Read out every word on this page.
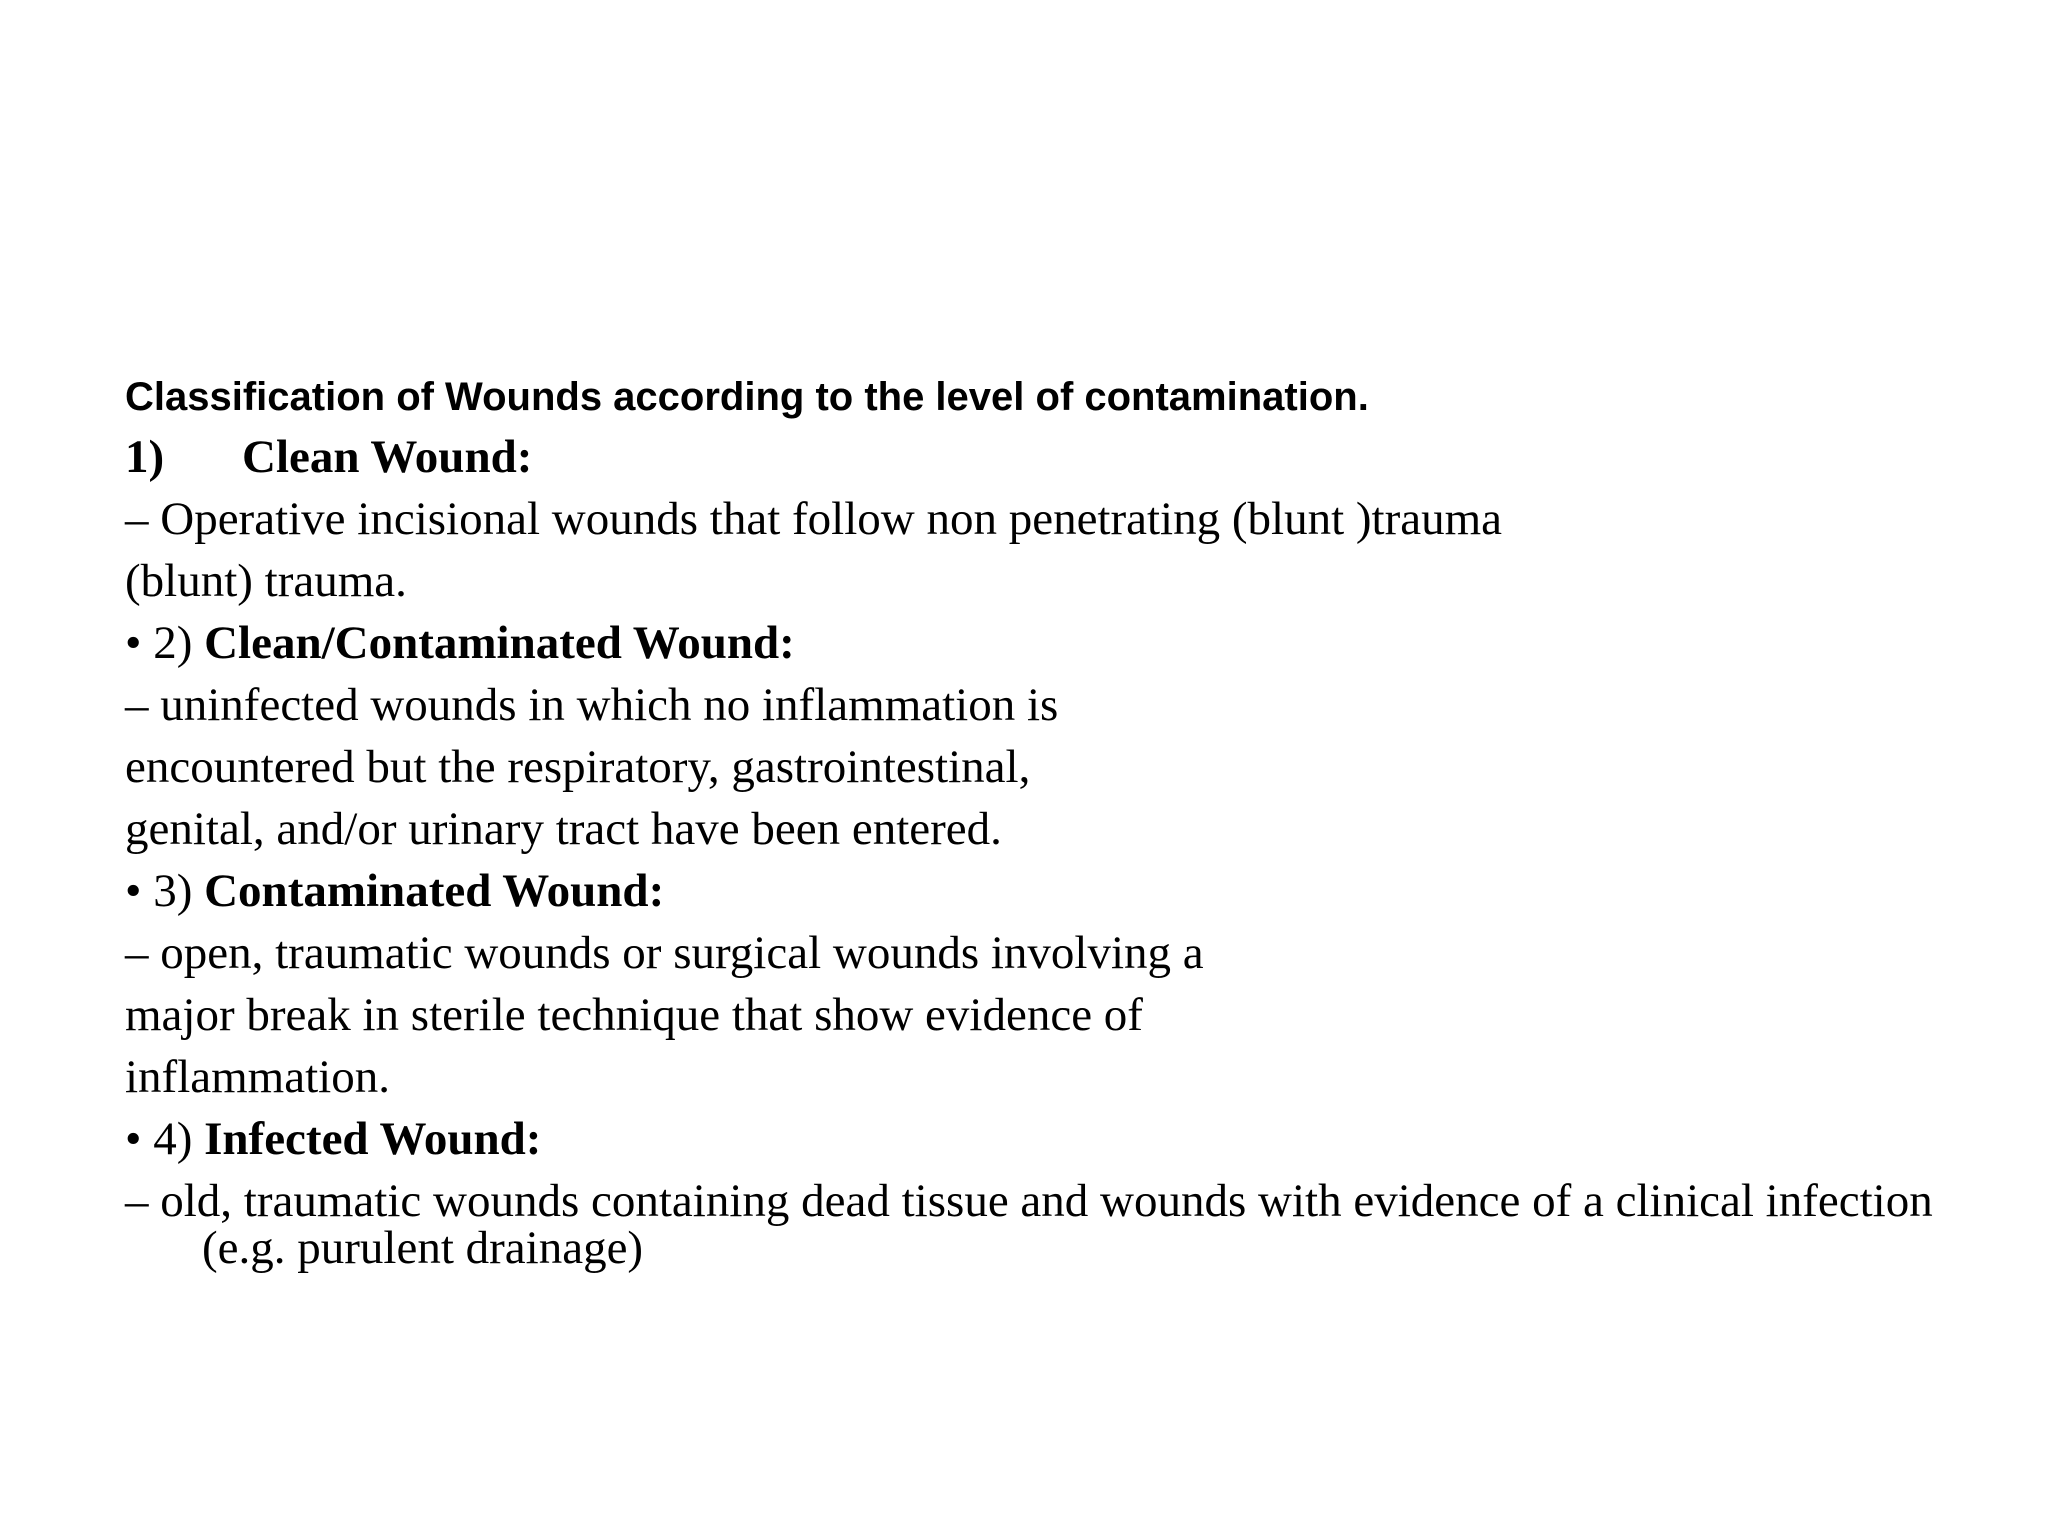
Classification of Wounds according to the level of contamination.
1) Clean Wound:
– Operative incisional wounds that follow non penetrating (blunt )trauma
(blunt) trauma.
• 2) Clean/Contaminated Wound:
– uninfected wounds in which no inflammation is
encountered but the respiratory, gastrointestinal,
genital, and/or urinary tract have been entered.
• 3) Contaminated Wound:
– open, traumatic wounds or surgical wounds involving a
major break in sterile technique that show evidence of
inflammation.
• 4) Infected Wound:
– old, traumatic wounds containing dead tissue and wounds with evidence of a clinical infection (e.g. purulent drainage)
